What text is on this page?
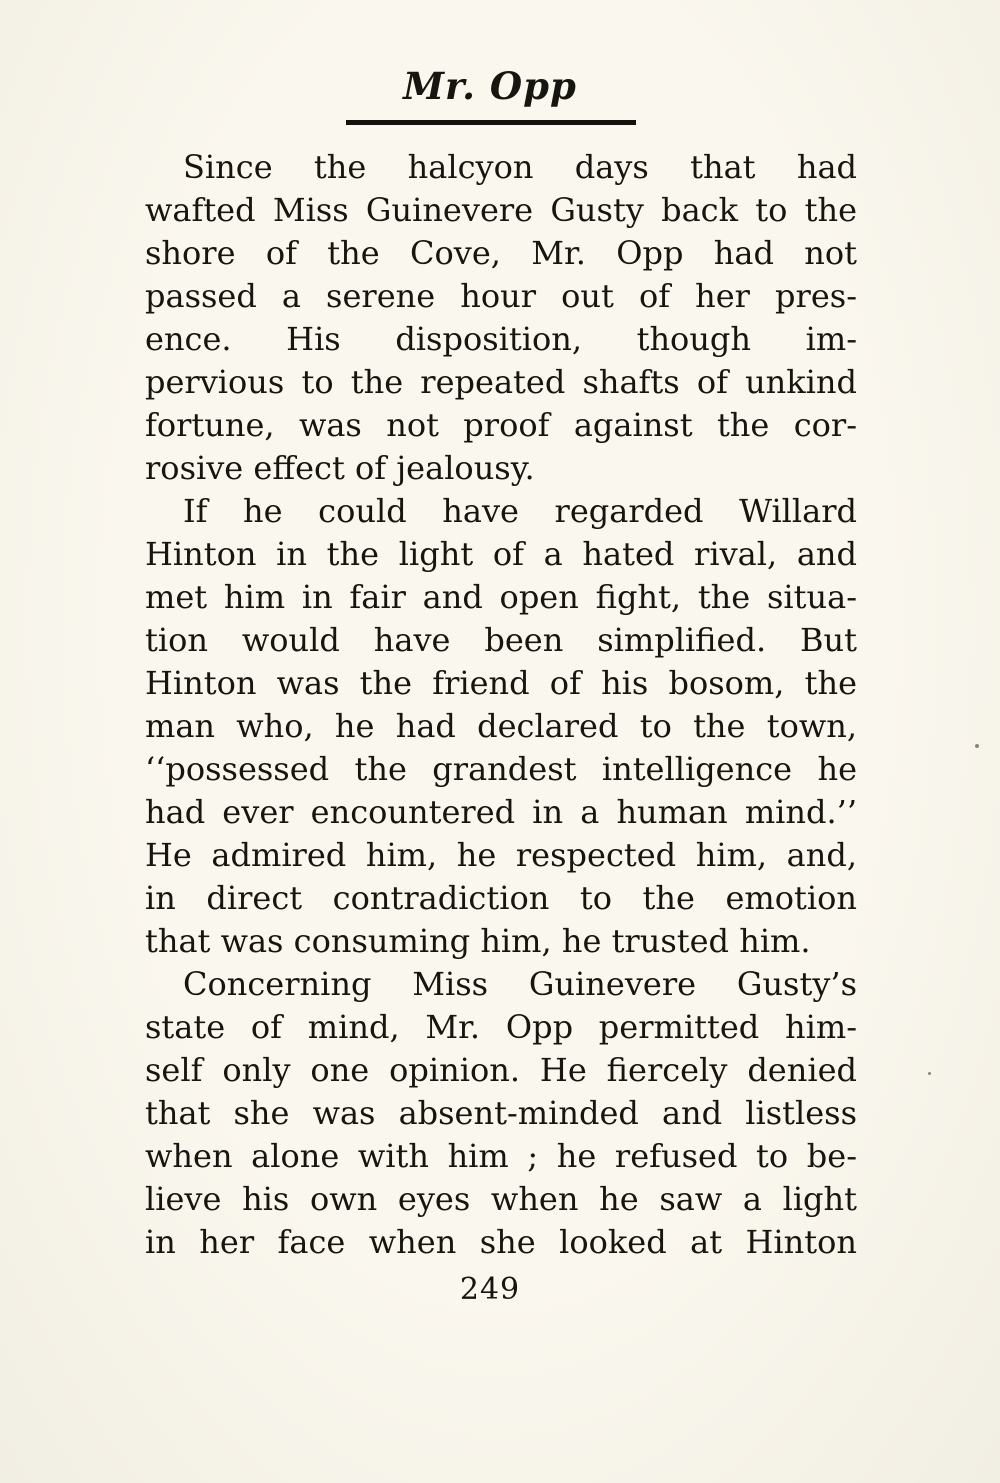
Mr. Opp
Since the halcyon days that had
wafted Miss Guinevere Gusty back to the
shore of the Cove, Mr. Opp had not
passed a serene hour out of her pres-
ence. His disposition, though im-
pervious to the repeated shafts of unkind
fortune, was not proof against the cor-
rosive effect of jealousy.
If he could have regarded Willard
Hinton in the light of a hated rival, and
met him in fair and open fight, the situa-
tion would have been simplified. But
Hinton was the friend of his bosom, the
man who, he had declared to the town,
‘‘possessed the grandest intelligence he
had ever encountered in a human mind.’’
He admired him, he respected him, and,
in direct contradiction to the emotion
that was consuming him, he trusted him.
Concerning Miss Guinevere Gusty’s
state of mind, Mr. Opp permitted him-
self only one opinion. He fiercely denied
that she was absent-minded and listless
when alone with him ; he refused to be-
lieve his own eyes when he saw a light
in her face when she looked at Hinton
249
